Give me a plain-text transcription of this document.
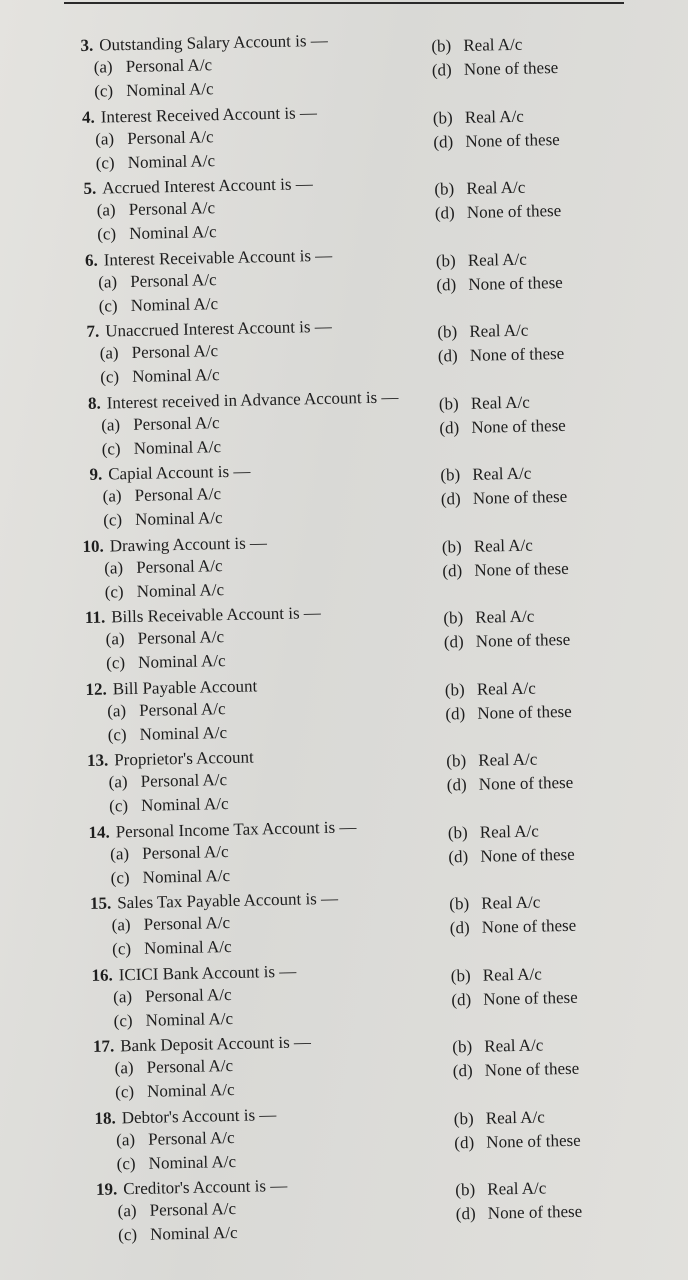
3. Outstanding Salary Account is —
(a) Personal A/c
(b) Real A/c
(c) Nominal A/c
(d) None of these
4. Interest Received Account is —
(a) Personal A/c
(b) Real A/c
(c) Nominal A/c
(d) None of these
5. Accrued Interest Account is —
(a) Personal A/c
(b) Real A/c
(c) Nominal A/c
(d) None of these
6. Interest Receivable Account is —
(a) Personal A/c
(b) Real A/c
(c) Nominal A/c
(d) None of these
7. Unaccrued Interest Account is —
(a) Personal A/c
(b) Real A/c
(c) Nominal A/c
(d) None of these
8. Interest received in Advance Account is —
(a) Personal A/c
(b) Real A/c
(c) Nominal A/c
(d) None of these
9. Capial Account is —
(a) Personal A/c
(b) Real A/c
(c) Nominal A/c
(d) None of these
10. Drawing Account is —
(a) Personal A/c
(b) Real A/c
(c) Nominal A/c
(d) None of these
11. Bills Receivable Account is —
(a) Personal A/c
(b) Real A/c
(c) Nominal A/c
(d) None of these
12. Bill Payable Account
(a) Personal A/c
(b) Real A/c
(c) Nominal A/c
(d) None of these
13. Proprietor's Account
(a) Personal A/c
(b) Real A/c
(c) Nominal A/c
(d) None of these
14. Personal Income Tax Account is —
(a) Personal A/c
(b) Real A/c
(c) Nominal A/c
(d) None of these
15. Sales Tax Payable Account is —
(a) Personal A/c
(b) Real A/c
(c) Nominal A/c
(d) None of these
16. ICICI Bank Account is —
(a) Personal A/c
(b) Real A/c
(c) Nominal A/c
(d) None of these
17. Bank Deposit Account is —
(a) Personal A/c
(b) Real A/c
(c) Nominal A/c
(d) None of these
18. Debtor's Account is —
(a) Personal A/c
(b) Real A/c
(c) Nominal A/c
(d) None of these
19. Creditor's Account is —
(a) Personal A/c
(b) Real A/c
(c) Nominal A/c
(d) None of these
